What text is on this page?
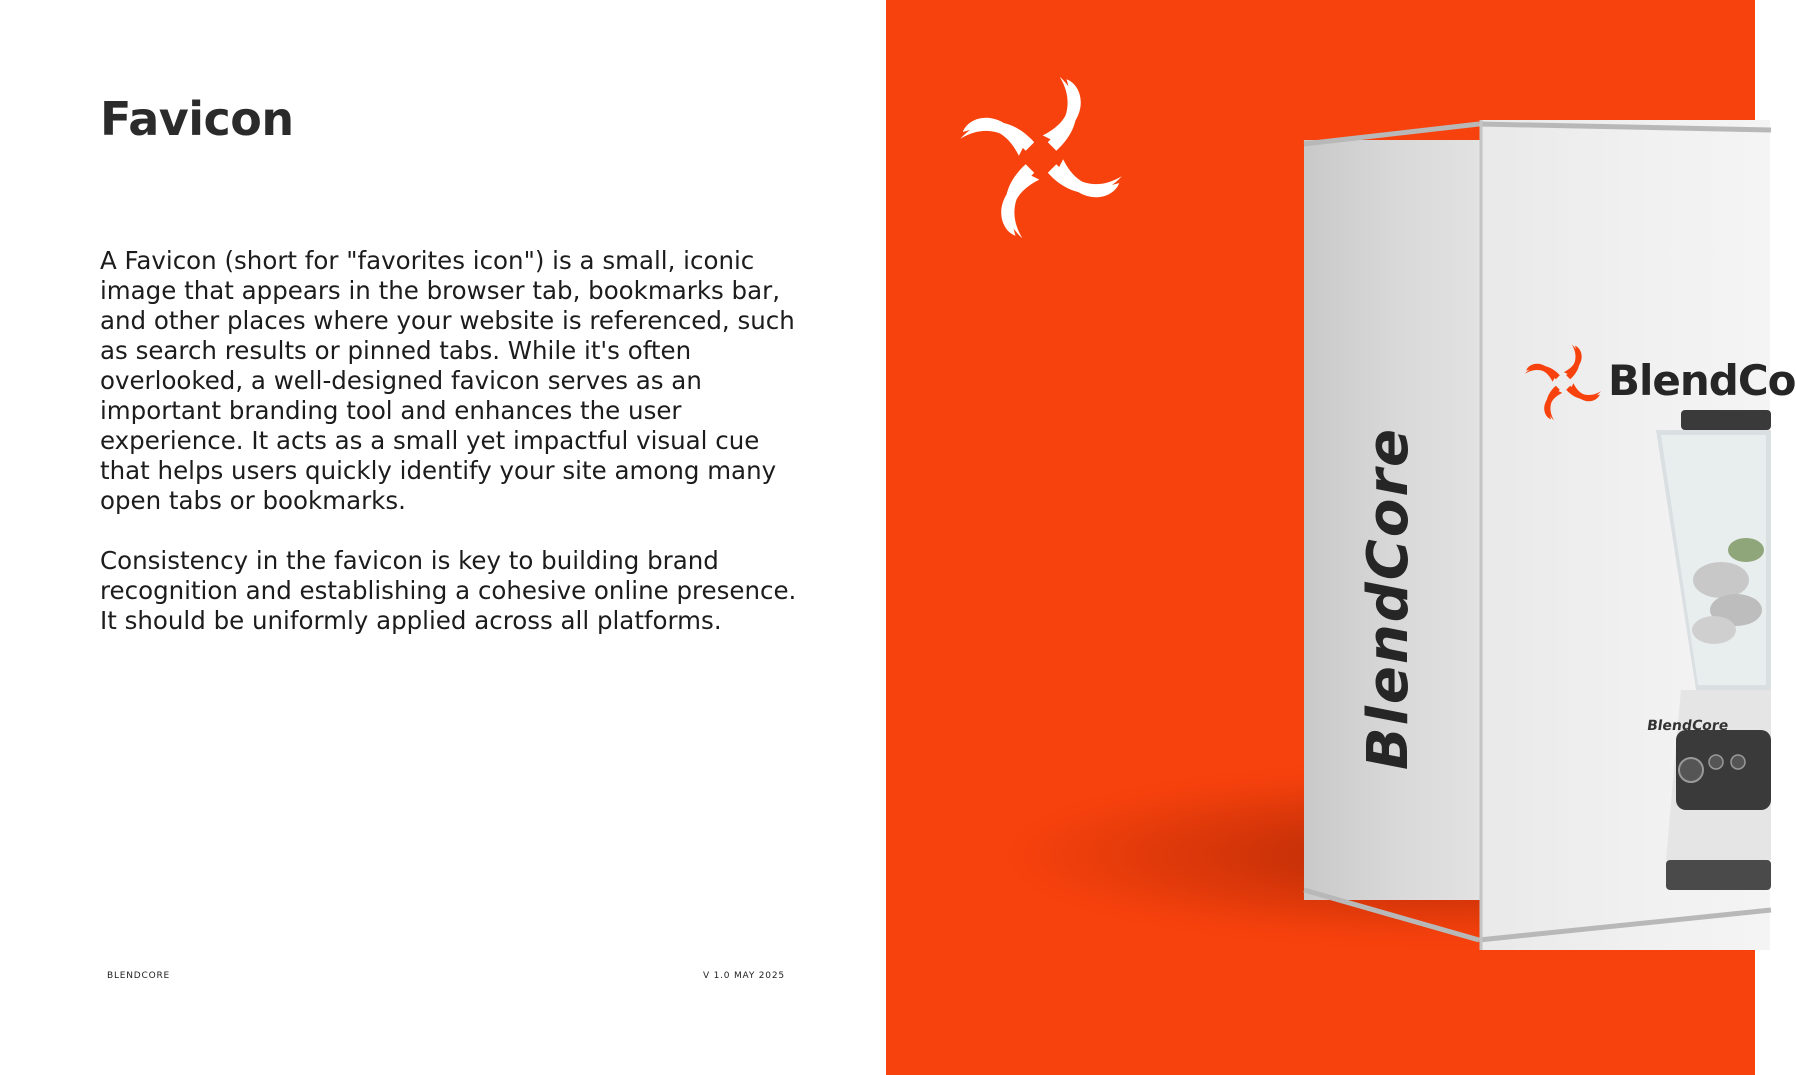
Favicon

A Favicon (short for "favorites icon") is a small, iconic image that appears in the browser tab, bookmarks bar, and other places where your website is referenced, such as search results or pinned tabs. While it's often overlooked, a well-designed favicon serves as an important branding tool and enhances the user experience. It acts as a small yet impactful visual cue that helps users quickly identify your site among many open tabs or bookmarks.

Consistency in the favicon is key to building brand recognition and establishing a cohesive online presence. It should be uniformly applied across all platforms.

BLENDCORE	V 1.0 MAY 2025
BlendCore
BlendCo
BlendCore
